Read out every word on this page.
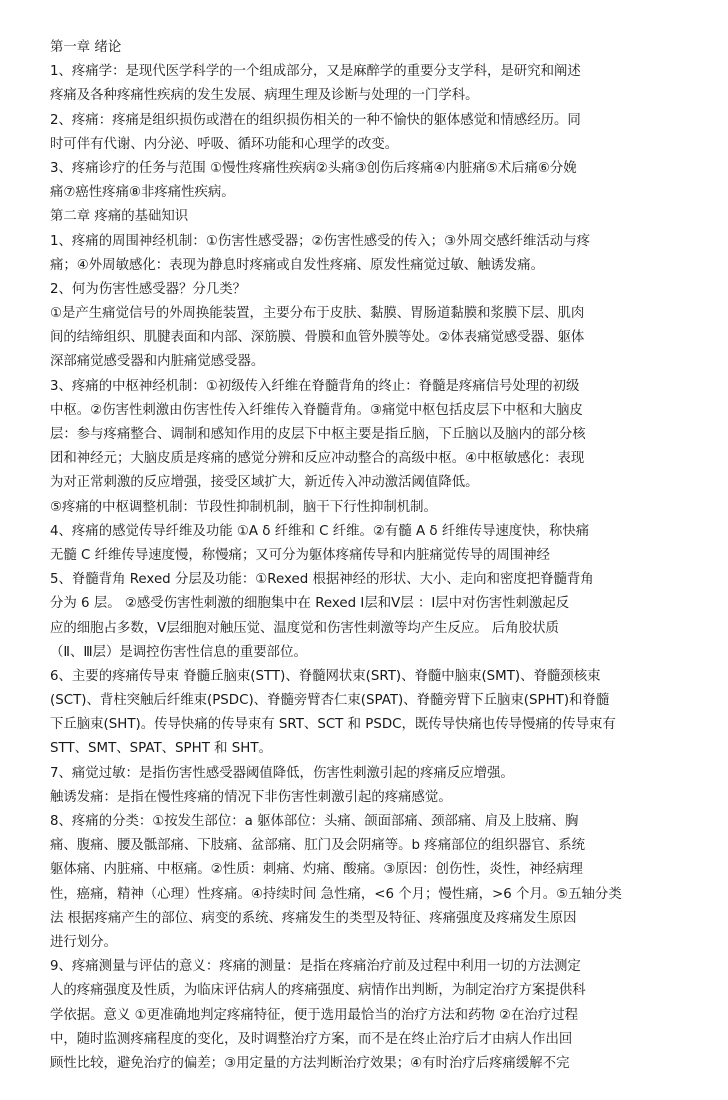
第一章 绪论
1、疼痛学：是现代医学科学的一个组成部分，又是麻醉学的重要分支学科，是研究和阐述
疼痛及各种疼痛性疾病的发生发展、病理生理及诊断与处理的一门学科。
2、疼痛：疼痛是组织损伤或潜在的组织损伤相关的一种不愉快的躯体感觉和情感经历。同
时可伴有代谢、内分泌、呼吸、循环功能和心理学的改变。
3、疼痛诊疗的任务与范围 ①慢性疼痛性疾病②头痛③创伤后疼痛④内脏痛⑤术后痛⑥分娩
痛⑦癌性疼痛⑧非疼痛性疾病。
第二章 疼痛的基础知识
1、疼痛的周围神经机制：①伤害性感受器；②伤害性感受的传入；③外周交感纤维活动与疼
痛；④外周敏感化：表现为静息时疼痛或自发性疼痛、原发性痛觉过敏、触诱发痛。
2、何为伤害性感受器？分几类？
①是产生痛觉信号的外周换能装置，主要分布于皮肤、黏膜、胃肠道黏膜和浆膜下层、肌肉
间的结缔组织、肌腱表面和内部、深筋膜、骨膜和血管外膜等处。②体表痛觉感受器、躯体
深部痛觉感受器和内脏痛觉感受器。
3、疼痛的中枢神经机制：①初级传入纤维在脊髓背角的终止：脊髓是疼痛信号处理的初级
中枢。②伤害性刺激由伤害性传入纤维传入脊髓背角。③痛觉中枢包括皮层下中枢和大脑皮
层：参与疼痛整合、调制和感知作用的皮层下中枢主要是指丘脑，下丘脑以及脑内的部分核
团和神经元；大脑皮质是疼痛的感觉分辨和反应冲动整合的高级中枢。④中枢敏感化：表现
为对正常刺激的反应增强，接受区域扩大，新近传入冲动激活阈值降低。
⑤疼痛的中枢调整机制：节段性抑制机制，脑干下行性抑制机制。
4、疼痛的感觉传导纤维及功能 ①A δ 纤维和 C 纤维。②有髓 A δ 纤维传导速度快，称快痛
无髓 C 纤维传导速度慢，称慢痛；又可分为躯体疼痛传导和内脏痛觉传导的周围神经
5、脊髓背角 Rexed 分层及功能：①Rexed 根据神经的形状、大小、走向和密度把脊髓背角
分为 6 层。 ②感受伤害性刺激的细胞集中在 Rexed Ⅰ层和Ⅴ层 ：Ⅰ层中对伤害性刺激起反
应的细胞占多数，Ⅴ层细胞对触压觉、温度觉和伤害性刺激等均产生反应。 后角胶状质
（Ⅱ、Ⅲ层）是调控伤害性信息的重要部位。
6、主要的疼痛传导束 脊髓丘脑束(STT)、脊髓网状束(SRT)、脊髓中脑束(SMT)、脊髓颈核束
(SCT)、背柱突触后纤维束(PSDC)、脊髓旁臂杏仁束(SPAT)、脊髓旁臂下丘脑束(SPHT)和脊髓
下丘脑束(SHT)。传导快痛的传导束有 SRT、SCT 和 PSDC，既传导快痛也传导慢痛的传导束有
STT、SMT、SPAT、SPHT 和 SHT。
7、痛觉过敏：是指伤害性感受器阈值降低，伤害性刺激引起的疼痛反应增强。
触诱发痛：是指在慢性疼痛的情况下非伤害性刺激引起的疼痛感觉。
8、疼痛的分类：①按发生部位：a 躯体部位：头痛、颌面部痛、颈部痛、肩及上肢痛、胸
痛、腹痛、腰及骶部痛、下肢痛、盆部痛、肛门及会阴痛等。b 疼痛部位的组织器官、系统
躯体痛、内脏痛、中枢痛。②性质：刺痛、灼痛、酸痛。③原因：创伤性，炎性，神经病理
性，癌痛，精神（心理）性疼痛。④持续时间 急性痛，<6 个月；慢性痛，>6 个月。⑤五轴分类
法 根据疼痛产生的部位、病变的系统、疼痛发生的类型及特征、疼痛强度及疼痛发生原因
进行划分。
9、疼痛测量与评估的意义：疼痛的测量：是指在疼痛治疗前及过程中利用一切的方法测定
人的疼痛强度及性质，为临床评估病人的疼痛强度、病情作出判断，为制定治疗方案提供科
学依据。意义 ①更准确地判定疼痛特征，便于选用最恰当的治疗方法和药物 ②在治疗过程
中，随时监测疼痛程度的变化，及时调整治疗方案，而不是在终止治疗后才由病人作出回
顾性比较，避免治疗的偏差；③用定量的方法判断治疗效果；④有时治疗后疼痛缓解不完
